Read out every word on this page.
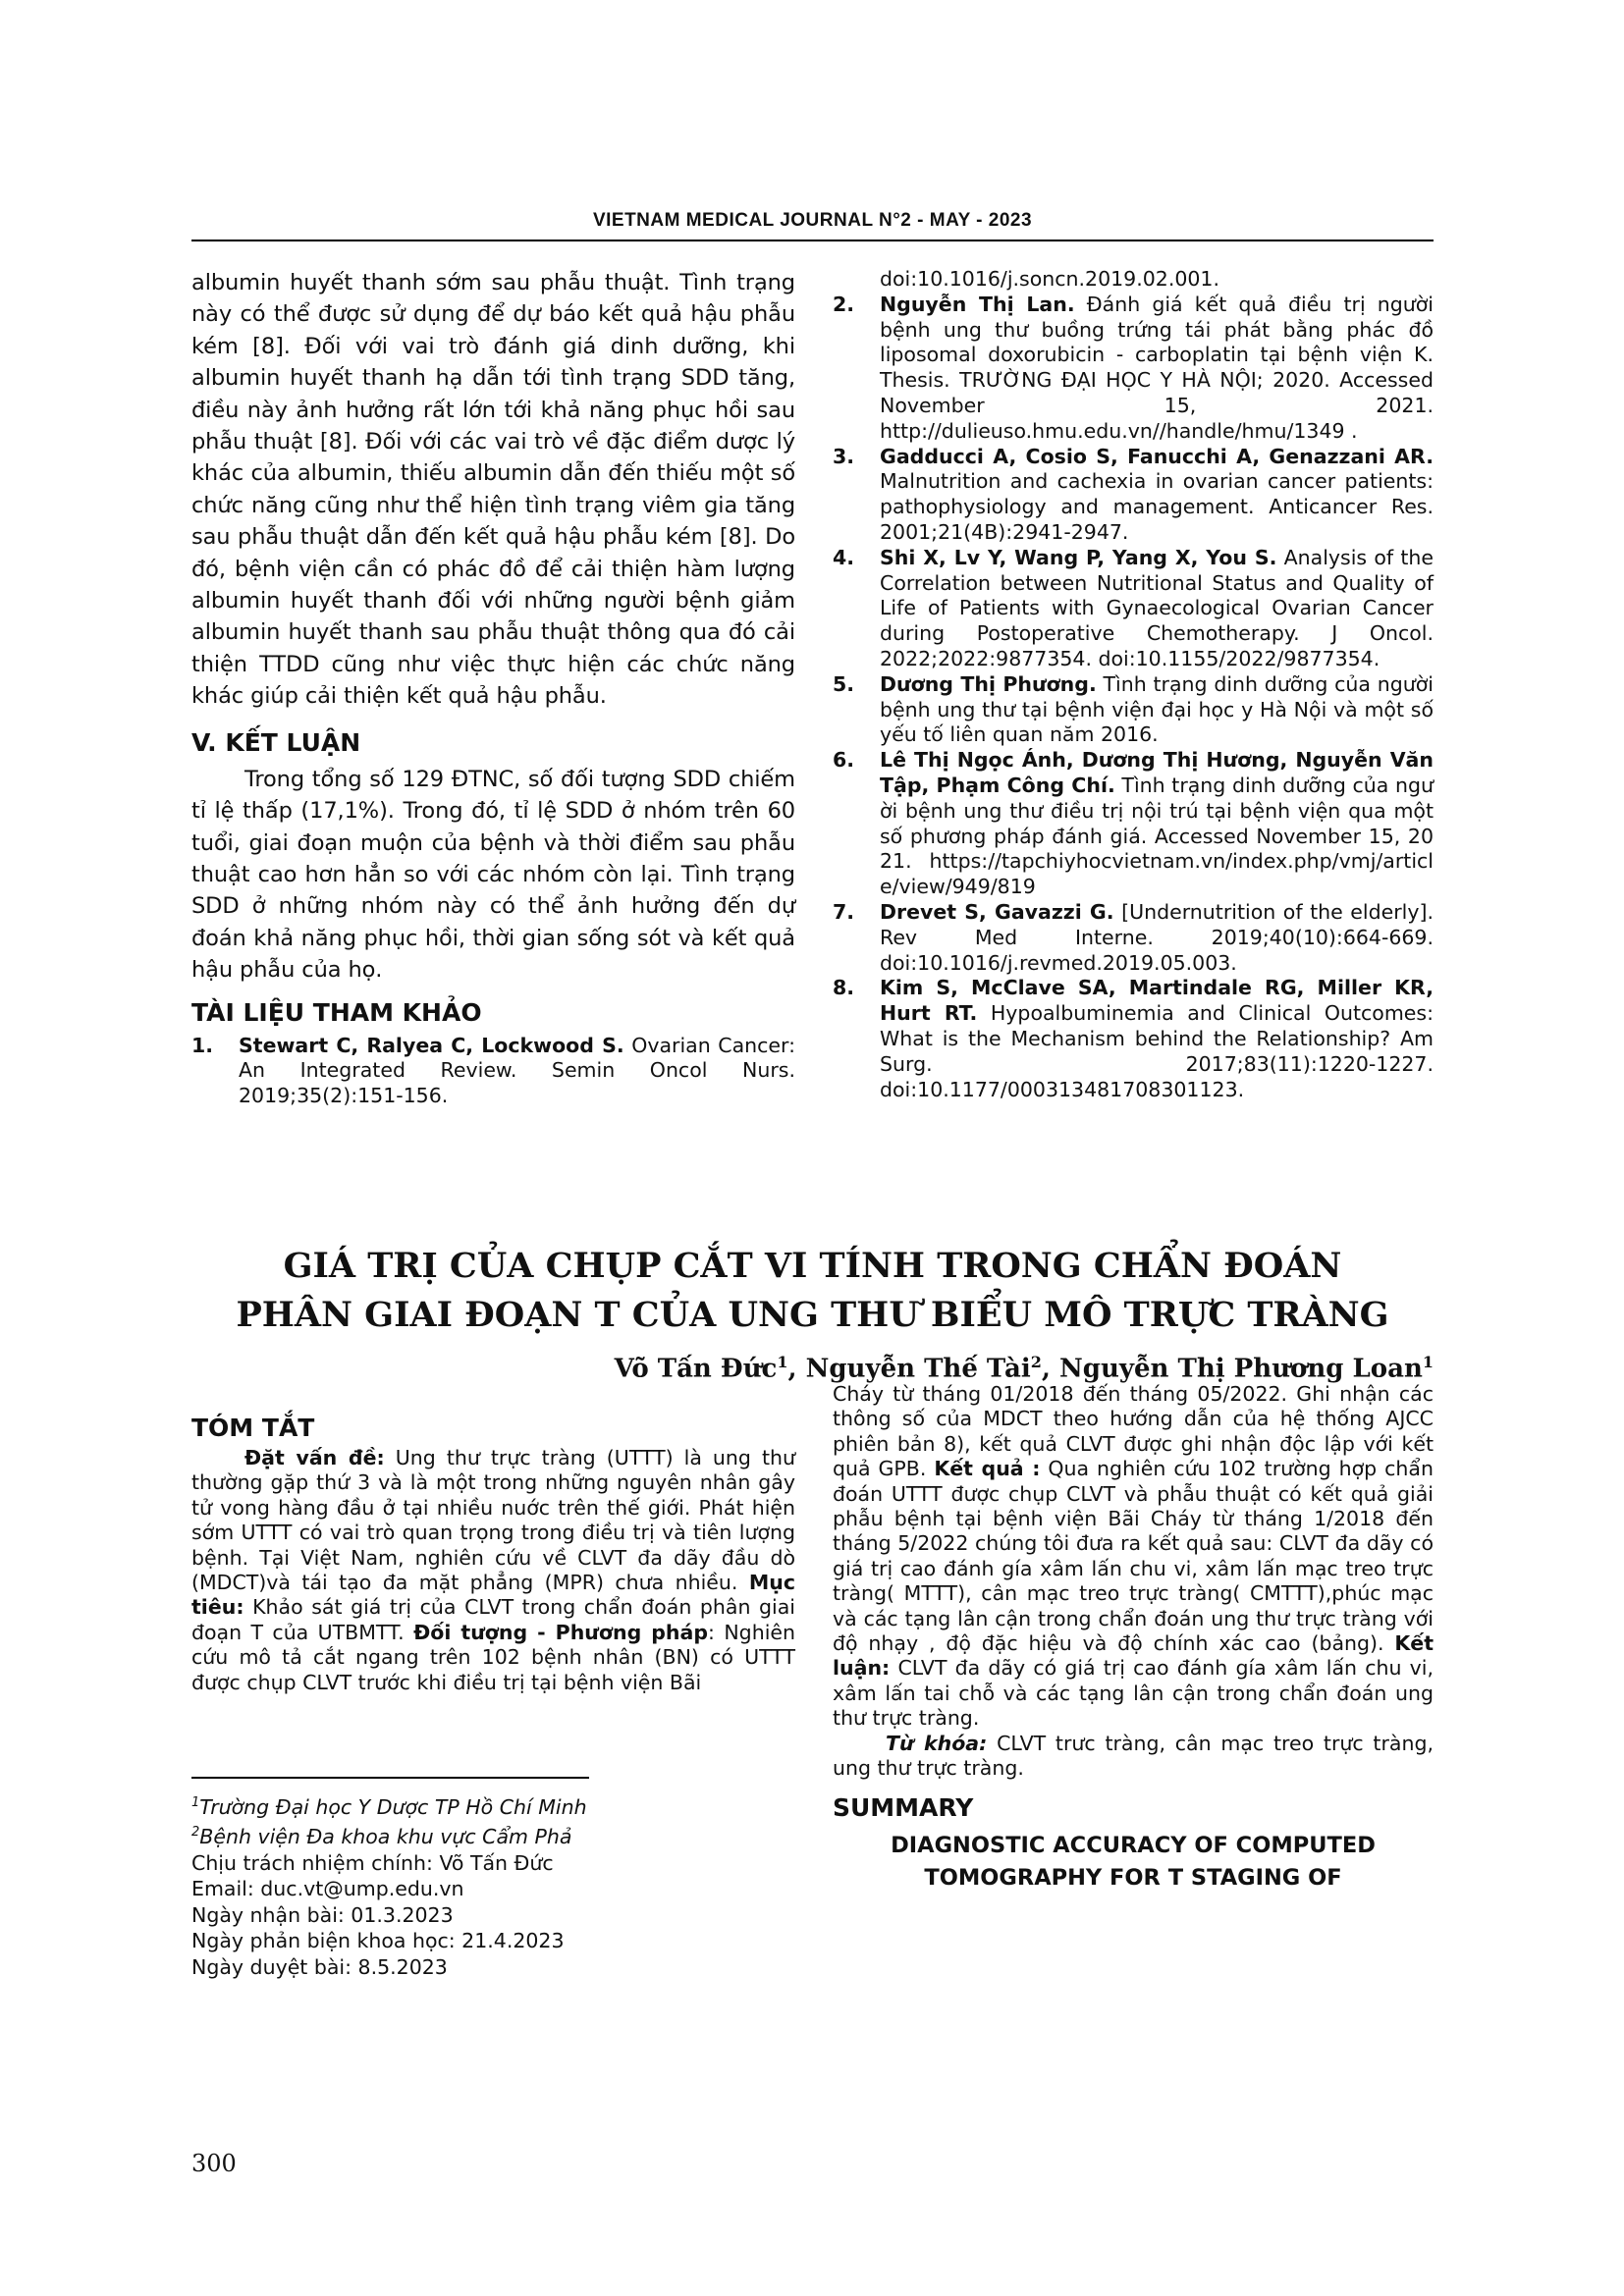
VIETNAM MEDICAL JOURNAL N°2 - MAY - 2023

albumin huyết thanh sớm sau phẫu thuật. Tình trạng này có thể được sử dụng để dự báo kết quả hậu phẫu kém [8]. Đối với vai trò đánh giá dinh dưỡng, khi albumin huyết thanh hạ dẫn tới tình trạng SDD tăng, điều này ảnh hưởng rất lớn tới khả năng phục hồi sau phẫu thuật [8]. Đối với các vai trò về đặc điểm dược lý khác của albumin, thiếu albumin dẫn đến thiếu một số chức năng cũng như thể hiện tình trạng viêm gia tăng sau phẫu thuật dẫn đến kết quả hậu phẫu kém [8]. Do đó, bệnh viện cần có phác đồ để cải thiện hàm lượng albumin huyết thanh đối với những người bệnh giảm albumin huyết thanh sau phẫu thuật thông qua đó cải thiện TTDD cũng như việc thực hiện các chức năng khác giúp cải thiện kết quả hậu phẫu.

V. KẾT LUẬN

Trong tổng số 129 ĐTNC, số đối tượng SDD chiếm tỉ lệ thấp (17,1%). Trong đó, tỉ lệ SDD ở nhóm trên 60 tuổi, giai đoạn muộn của bệnh và thời điểm sau phẫu thuật cao hơn hẳn so với các nhóm còn lại. Tình trạng SDD ở những nhóm này có thể ảnh hưởng đến dự đoán khả năng phục hồi, thời gian sống sót và kết quả hậu phẫu của họ.

TÀI LIỆU THAM KHẢO
1.	Stewart C, Ralyea C, Lockwood S. Ovarian Cancer: An Integrated Review. Semin Oncol Nurs. 2019;35(2):151-156.
doi:10.1016/j.soncn.2019.02.001.
2.	Nguyễn Thị Lan. Đánh giá kết quả điều trị người bệnh ung thư buồng trứng tái phát bằng phác đồ liposomal doxorubicin - carboplatin tại bệnh viện K. Thesis. TRƯỜNG ĐẠI HỌC Y HÀ NỘI; 2020. Accessed November 15, 2021. http://dulieuso.hmu.edu.vn//handle/hmu/1349 .
3.	Gadducci A, Cosio S, Fanucchi A, Genazzani AR. Malnutrition and cachexia in ovarian cancer patients: pathophysiology and management. Anticancer Res. 2001;21(4B):2941-2947.
4.	Shi X, Lv Y, Wang P, Yang X, You S. Analysis of the Correlation between Nutritional Status and Quality of Life of Patients with Gynaecological Ovarian Cancer during Postoperative Chemotherapy. J Oncol. 2022;2022:9877354. doi:10.1155/2022/9877354.
5.	Dương Thị Phương. Tình trạng dinh dưỡng của người bệnh ung thư tại bệnh viện đại học y Hà Nội và một số yếu tố liên quan năm 2016.
6.	Lê Thị Ngọc Ánh, Dương Thị Hương, Nguyễn Văn Tập, Phạm Công Chí. Tình trạng dinh dưỡng của người bệnh ung thư điều trị nội trú tại bệnh viện qua một số phương pháp đánh giá. Accessed November 15, 2021. https://tapchiyhocvietnam.vn/index.php/vmj/article/view/949/819
7.	Drevet S, Gavazzi G. [Undernutrition of the elderly]. Rev Med Interne. 2019;40(10):664-669. doi:10.1016/j.revmed.2019.05.003.
8.	Kim S, McClave SA, Martindale RG, Miller KR, Hurt RT. Hypoalbuminemia and Clinical Outcomes: What is the Mechanism behind the Relationship? Am Surg. 2017;83(11):1220-1227. doi:10.1177/000313481708301123.
GIÁ TRỊ CỦA CHỤP CẮT VI TÍNH TRONG CHẨN ĐOÁN
PHÂN GIAI ĐOẠN T CỦA UNG THƯ BIỂU MÔ TRỰC TRÀNG
Võ Tấn Đức$^1$, Nguyễn Thế Tài$^2$, Nguyễn Thị Phương Loan$^1$
TÓM TẮT

Đặt vấn đề: Ung thư trực tràng (UTTT) là ung thư thường gặp thứ 3 và là một trong những nguyên nhân gây tử vong hàng đầu ở tại nhiều nuớc trên thế giới. Phát hiện sớm UTTT có vai trò quan trọng trong điều trị và tiên lượng bệnh. Tại Việt Nam, nghiên cứu về CLVT đa dãy đầu dò (MDCT)và tái tạo đa mặt phẳng (MPR) chưa nhiều. Mục tiêu: Khảo sát giá trị của CLVT trong chẩn đoán phân giai đoạn T của UTBMTT. Đối tượng - Phương pháp: Nghiên cứu mô tả cắt ngang trên 102 bệnh nhân (BN) có UTTT được chụp CLVT trước khi điều trị tại bệnh viện Bãi

$^1$Trường Đại học Y Dược TP Hồ Chí Minh
$^2$Bệnh viện Đa khoa khu vực Cẩm Phả
Chịu trách nhiệm chính: Võ Tấn Đức
Email: duc.vt@ump.edu.vn
Ngày nhận bài: 01.3.2023
Ngày phản biện khoa học: 21.4.2023
Ngày duyệt bài: 8.5.2023

Cháy từ tháng 01/2018 đến tháng 05/2022. Ghi nhận các thông số của MDCT theo hướng dẫn của hệ thống AJCC phiên bản 8), kết quả CLVT được ghi nhận độc lập với kết quả GPB. Kết quả : Qua nghiên cứu 102 trường hợp chẩn đoán UTTT được chụp CLVT và phẫu thuật có kết quả giải phẫu bệnh tại bệnh viện Bãi Cháy từ tháng 1/2018 đến tháng 5/2022 chúng tôi đưa ra kết quả sau: CLVT đa dãy có giá trị cao đánh gía xâm lấn chu vi, xâm lấn mạc treo trực tràng( MTTT), cân mạc treo trực tràng( CMTTT),phúc mạc và các tạng lân cận trong chẩn đoán ung thư trực tràng với độ nhạy , độ đặc hiệu và độ chính xác cao (bảng). Kết luận: CLVT đa dãy có giá trị cao đánh gía xâm lấn chu vi, xâm lấn tai chỗ và các tạng lân cận trong chẩn đoán ung thư trực tràng.

Từ khóa: CLVT trưc tràng, cân mạc treo trực tràng, ung thư trực tràng.

SUMMARY
DIAGNOSTIC ACCURACY OF COMPUTED
TOMOGRAPHY FOR T STAGING OF
300
